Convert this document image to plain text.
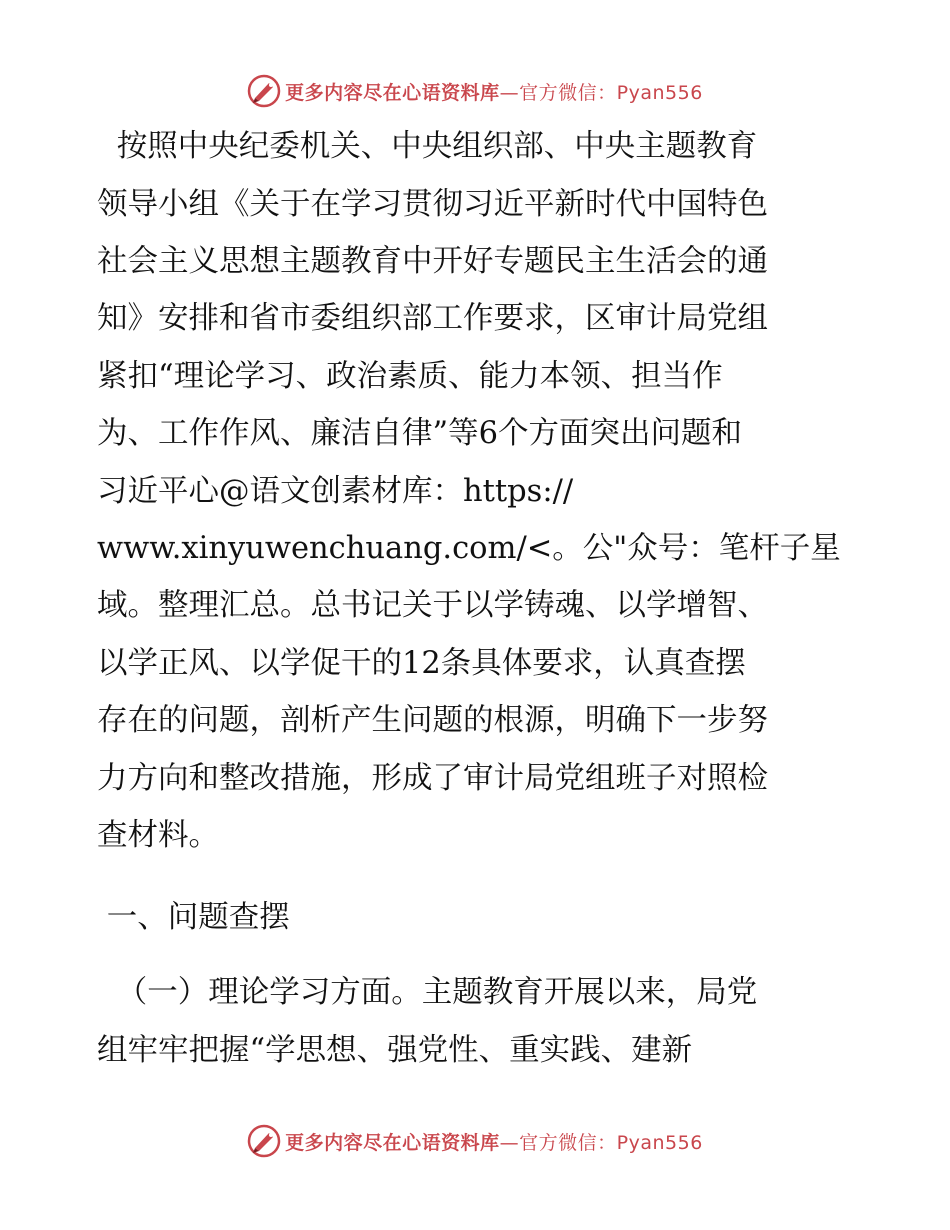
更多内容尽在心语资料库—官方微信：Pyan556
按照中央纪委机关、中央组织部、中央主题教育
领导小组《关于在学习贯彻习近平新时代中国特色
社会主义思想主题教育中开好专题民主生活会的通
知》安排和省市委组织部工作要求，区审计局党组
紧扣“理论学习、政治素质、能力本领、担当作
为、工作作风、廉洁自律”等6个方面突出问题和
习近平心@语文创素材库：https://
www.xinyuwenchuang.com/<。公"众号：笔杆子星
域。整理汇总。总书记关于以学铸魂、以学增智、
以学正风、以学促干的12条具体要求，认真查摆
存在的问题，剖析产生问题的根源，明确下一步努
力方向和整改措施，形成了审计局党组班子对照检
查材料。
一、问题查摆
（一）理论学习方面。主题教育开展以来，局党
组牢牢把握“学思想、强党性、重实践、建新
更多内容尽在心语资料库—官方微信：Pyan556
